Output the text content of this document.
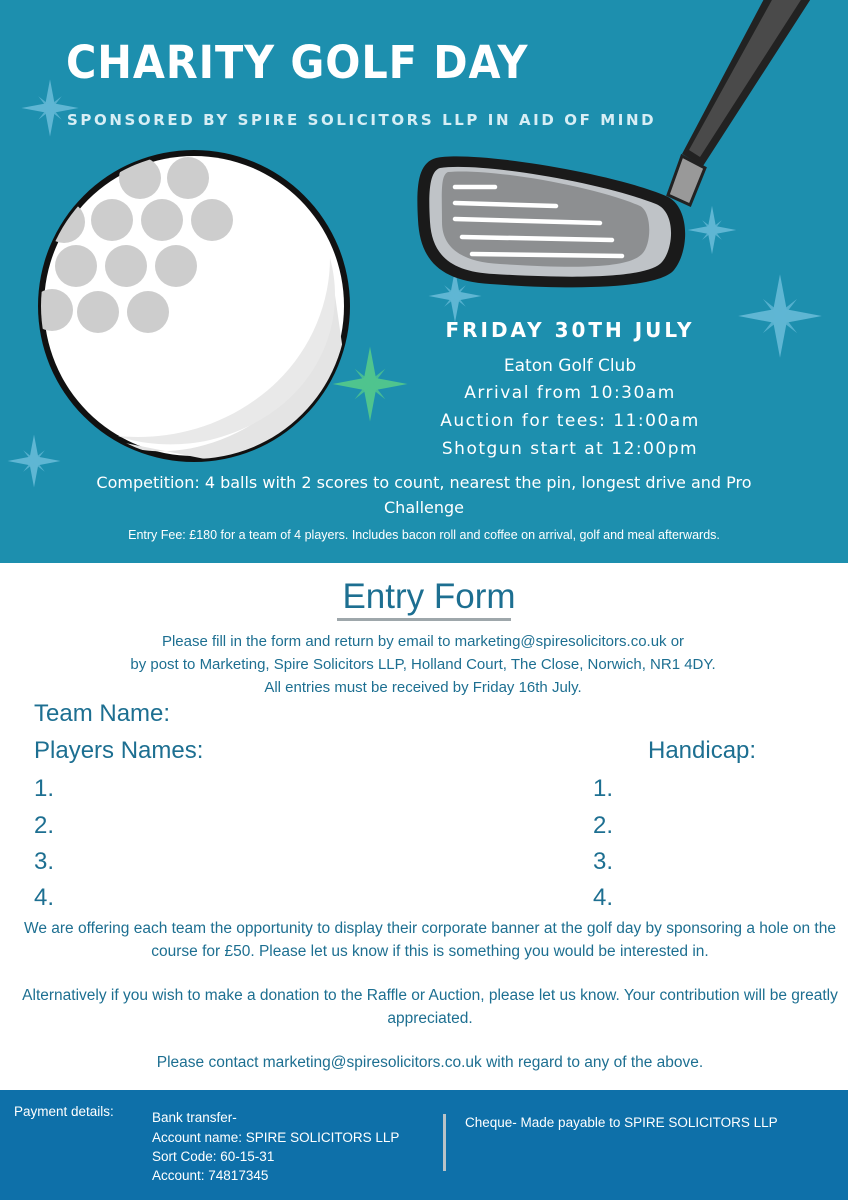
CHARITY GOLF DAY
SPONSORED BY SPIRE SOLICITORS LLP IN AID OF MIND
FRIDAY 30TH JULY
Eaton Golf Club
Arrival from 10:30am
Auction for tees: 11:00am
Shotgun start at 12:00pm
Competition: 4 balls with 2 scores to count, nearest the pin, longest drive and Pro Challenge
Entry Fee: £180 for a team of 4 players. Includes bacon roll and coffee on arrival, golf and meal afterwards.
Entry Form
Please fill in the form and return by email to marketing@spiresolicitors.co.uk or
by post to Marketing, Spire Solicitors LLP, Holland Court, The Close, Norwich, NR1 4DY.
All entries must be received by Friday 16th July.
Team Name:
Players Names:	Handicap:
1.
2.
3.
4.
1.
2.
3.
4.
We are offering each team the opportunity to display their corporate banner at the golf day by sponsoring a hole on the course for £50. Please let us know if this is something you would be interested in.
Alternatively if you wish to make a donation to the Raffle or Auction, please let us know. Your contribution will be greatly appreciated.
Please contact marketing@spiresolicitors.co.uk with regard to any of the above.
Payment details:	Bank transfer-
Account name: SPIRE SOLICITORS LLP
Sort Code: 60-15-31
Account: 74817345
Cheque- Made payable to SPIRE SOLICITORS LLP
